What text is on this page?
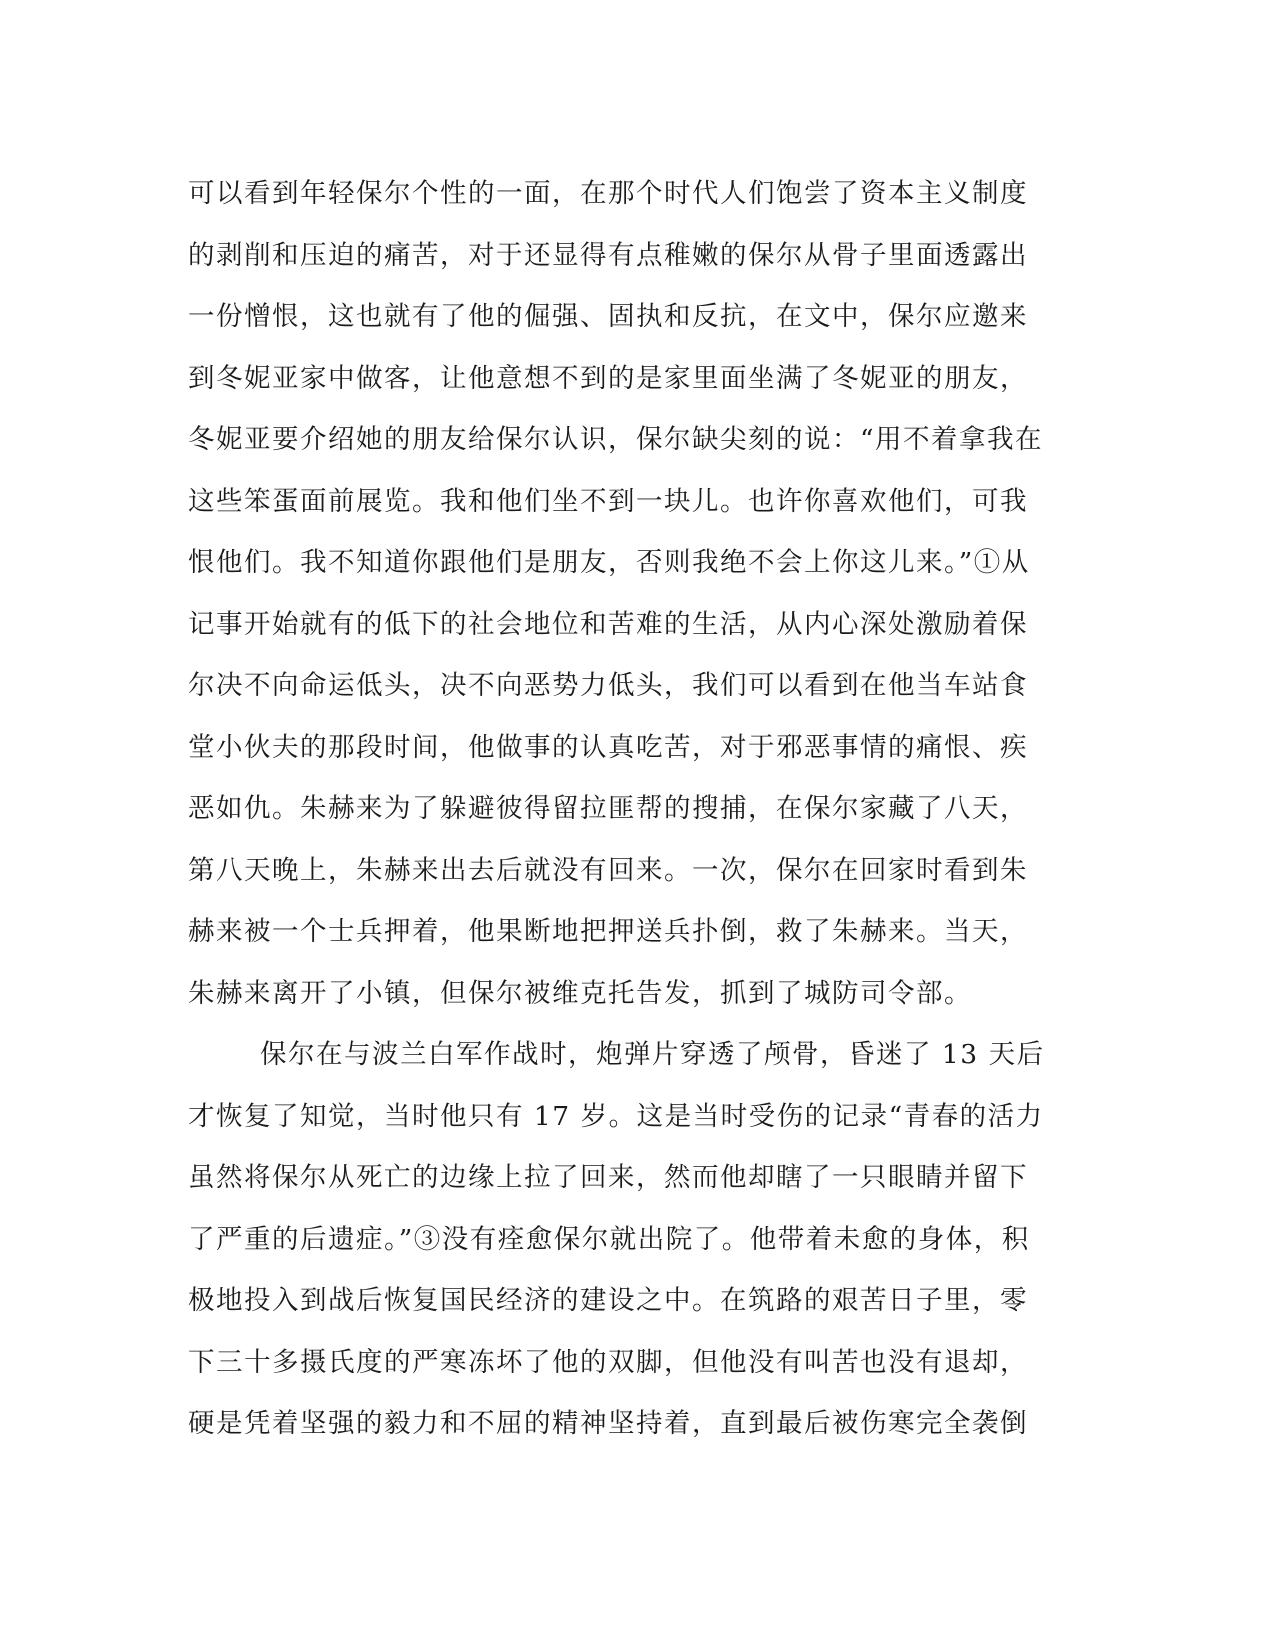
可以看到年轻保尔个性的一面，在那个时代人们饱尝了资本主义制度
的剥削和压迫的痛苦，对于还显得有点稚嫩的保尔从骨子里面透露出
一份憎恨，这也就有了他的倔强、固执和反抗，在文中，保尔应邀来
到冬妮亚家中做客，让他意想不到的是家里面坐满了冬妮亚的朋友，
冬妮亚要介绍她的朋友给保尔认识，保尔缺尖刻的说：“用不着拿我在
这些笨蛋面前展览。我和他们坐不到一块儿。也许你喜欢他们，可我
恨他们。我不知道你跟他们是朋友，否则我绝不会上你这儿来。”①从
记事开始就有的低下的社会地位和苦难的生活，从内心深处激励着保
尔决不向命运低头，决不向恶势力低头，我们可以看到在他当车站食
堂小伙夫的那段时间，他做事的认真吃苦，对于邪恶事情的痛恨、疾
恶如仇。朱赫来为了躲避彼得留拉匪帮的搜捕，在保尔家藏了八天，
第八天晚上，朱赫来出去后就没有回来。一次，保尔在回家时看到朱
赫来被一个士兵押着，他果断地把押送兵扑倒，救了朱赫来。当天，
朱赫来离开了小镇，但保尔被维克托告发，抓到了城防司令部。
保尔在与波兰白军作战时，炮弹片穿透了颅骨，昏迷了 13 天后
才恢复了知觉，当时他只有 17 岁。这是当时受伤的记录“青春的活力
虽然将保尔从死亡的边缘上拉了回来，然而他却瞎了一只眼睛并留下
了严重的后遗症。”③没有痊愈保尔就出院了。他带着未愈的身体，积
极地投入到战后恢复国民经济的建设之中。在筑路的艰苦日子里，零
下三十多摄氏度的严寒冻坏了他的双脚，但他没有叫苦也没有退却，
硬是凭着坚强的毅力和不屈的精神坚持着，直到最后被伤寒完全袭倒
